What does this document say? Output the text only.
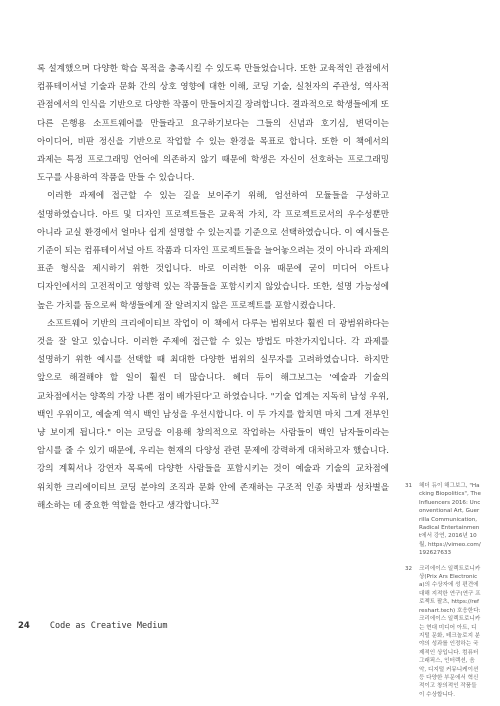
록 설계했으며 다양한 학습 목적을 충족시킬 수 있도록 만들었습니다. 또한 교육적인 관점에서 컴퓨테이셔널 기술과 문화 간의 상호 영향에 대한 이해, 코딩 기술, 실천자의 주관성, 역사적 관점에서의 인식을 기반으로 다양한 작품이 만들어지길 장려합니다. 결과적으로 학생들에게 또 다른 은행용 소프트웨어를 만들라고 요구하기보다는 그들의 신념과 호기심, 변덕이는 아이디어, 비판 정신을 기반으로 작업할 수 있는 환경을 목표로 합니다. 또한 이 책에서의 과제는 특정 프로그래밍 언어에 의존하지 않기 때문에 학생은 자신이 선호하는 프로그래밍 도구를 사용하여 작품을 만들 수 있습니다.

이러한 과제에 접근할 수 있는 길을 보이주기 위해, 엄선하여 모듈들을 구성하고 설명하였습니다. 아트 및 디자인 프로젝트들은 교육적 가치, 각 프로젝트로서의 우수성뿐만 아니라 교실 환경에서 얼마나 쉽게 설명할 수 있는지를 기준으로 선택하였습니다. 이 예시들은 기준이 되는 컴퓨테이셔널 아트 작품과 디자인 프로젝트들을 늘어놓으려는 것이 아니라 과제의 표준 형식을 제시하기 위한 것입니다. 바로 이러한 이유 때문에 굳이 미디어 아트나 디자인에서의 고전적이고 영향력 있는 작품들을 포함시키지 않았습니다. 또한, 설명 가능성에 높은 가치를 둠으로써 학생들에게 잘 알려지지 않은 프로젝트를 포함시켰습니다.

소프트웨어 기반의 크리에이티브 작업이 이 책에서 다루는 범위보다 훨씬 더 광범위하다는 것을 잘 알고 있습니다. 이러한 주제에 접근할 수 있는 방법도 마찬가지입니다. 각 과제를 설명하기 위한 예시를 선택할 때 최대한 다양한 범위의 실무자를 고려하였습니다. 하지만 앞으로 해결해야 할 일이 훨씬 더 많습니다. 헤더 듀이 해그보그는 '예술과 기술의 교차점에서는 양쪽의 가장 나쁜 점이 배가된다'고 하였습니다. "기술 업계는 지독히 남성 우위, 백인 우위이고, 예술계 역시 백인 남성을 우선시합니다. 이 두 가지를 합치면 마치 그게 전부인 냥 보이게 됩니다." 이는 코딩을 이용해 창의적으로 작업하는 사람들이 백인 남자들이라는 암시를 줄 수 있기 때문에, 우리는 현재의 다양성 관련 문제에 강력하게 대처하고자 했습니다. 강의 계획서나 강연자 목록에 다양한 사람들을 포함시키는 것이 예술과 기술의 교차점에 위치한 크리에이티브 코딩 분야의 조직과 문화 안에 존재하는 구조적 인종 차별과 성차별을 해소하는 데 중요한 역할을 한다고 생각합니다.$^{32}$

31	헤더 듀이 해그보그, "Hacking Biopolitics", The Influencers 2016: Unconventional Art, Guerrilla Communication, Radical Entertainment에서 강연, 2016년 10월, https://vimeo.com/192627633
32	크리에이스 일렉트로니카 상(Prix Ars Electronica)의 수상자에 성 편견에 대해 지적한 연구(연구 프로젝트 팔츠, https://refreshart.tech) 호응한다: 크리에이스 일렉트로니카는 현대 미디어 아트, 디지털 문화, 테크놀로지 분야의 성과를 인정하는 국제적인 상입니다. 컴퓨터 그래픽스, 인터랙션, 음악, 디지털 커뮤니케이션 등 다양한 부문에서 혁신적이고 창의적인 작품들이 수상합니다.
24 Code as Creative Medium
